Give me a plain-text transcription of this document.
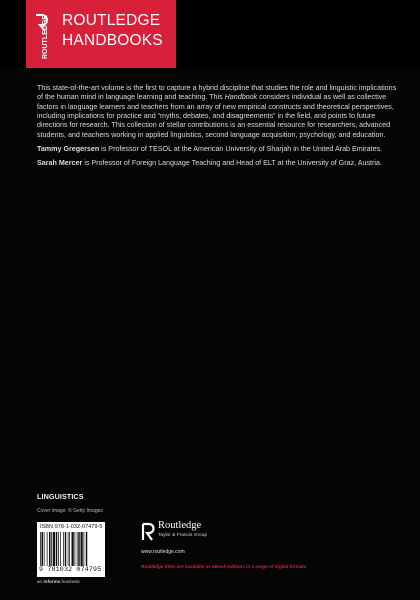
ROUTLEDGE ROUTLEDGE
HANDBOOKS

This state-of-the-art volume is the first to capture a hybrid discipline that studies the role and linguistic implications of the human mind in language learning and teaching. This Handbook considers individual as well as collective factors in language learners and teachers from an array of new empirical constructs and theoretical perspectives, including implications for practice and “myths, debates, and disagreements” in the field, and points to future directions for research. This collection of stellar contributions is an essential resource for researchers, advanced students, and teachers working in applied linguistics, second language acquisition, psychology, and education.

Tammy Gregersen is Professor of TESOL at the American University of Sharjah in the United Arab Emirates.

Sarah Mercer is Professor of Foreign Language Teaching and Head of ELT at the University of Graz, Austria.

LINGUISTICS
Cover image: © Getty Images
ISBN 978-1-032-07479-5
9 781032 074795
an informa business
Routledge
Taylor & Francis Group
www.routledge.com
Routledge titles are available as eBook editions in a range of digital formats
